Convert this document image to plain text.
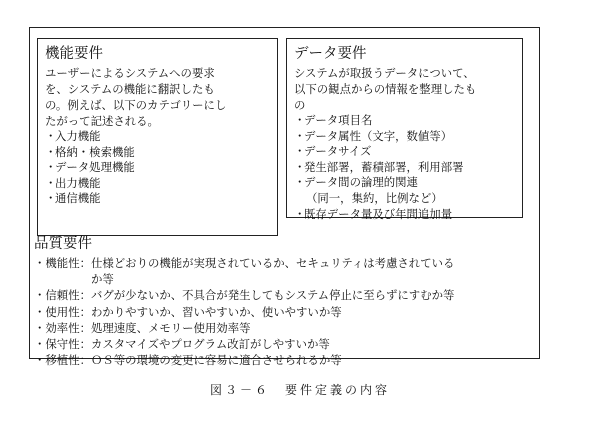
機能要件
ユーザーによるシステムへの要求
を、システムの機能に翻訳したも
の。例えば、以下のカテゴリーにし
たがって記述される。
・入力機能
・格納・検索機能
・データ処理機能
・出力機能
・通信機能
データ要件
システムが取扱うデータについて、
以下の観点からの情報を整理したも
の
・データ項目名
・データ属性（文字，数値等）
・データサイズ
・発生部署，蓄積部署，利用部署
・データ間の論理的関連
（同一，集約，比例など）
・既存データ量及び年間追加量
品質要件
・機能性 ： 仕様どおりの機能が実現されているか、セキュリティは考慮されている
か等
・信頼性 ： バグが少ないか、不具合が発生してもシステム停止に至らずにすむか等
・使用性 ： わかりやすいか、習いやすいか、使いやすいか等
・効率性 ： 処理速度、メモリー使用効率等
・保守性 ： カスタマイズやプログラム改訂がしやすいか等
・移植性 ： ＯＳ等の環境の変更に容易に適合させられるか等
図３－６　要件定義の内容
